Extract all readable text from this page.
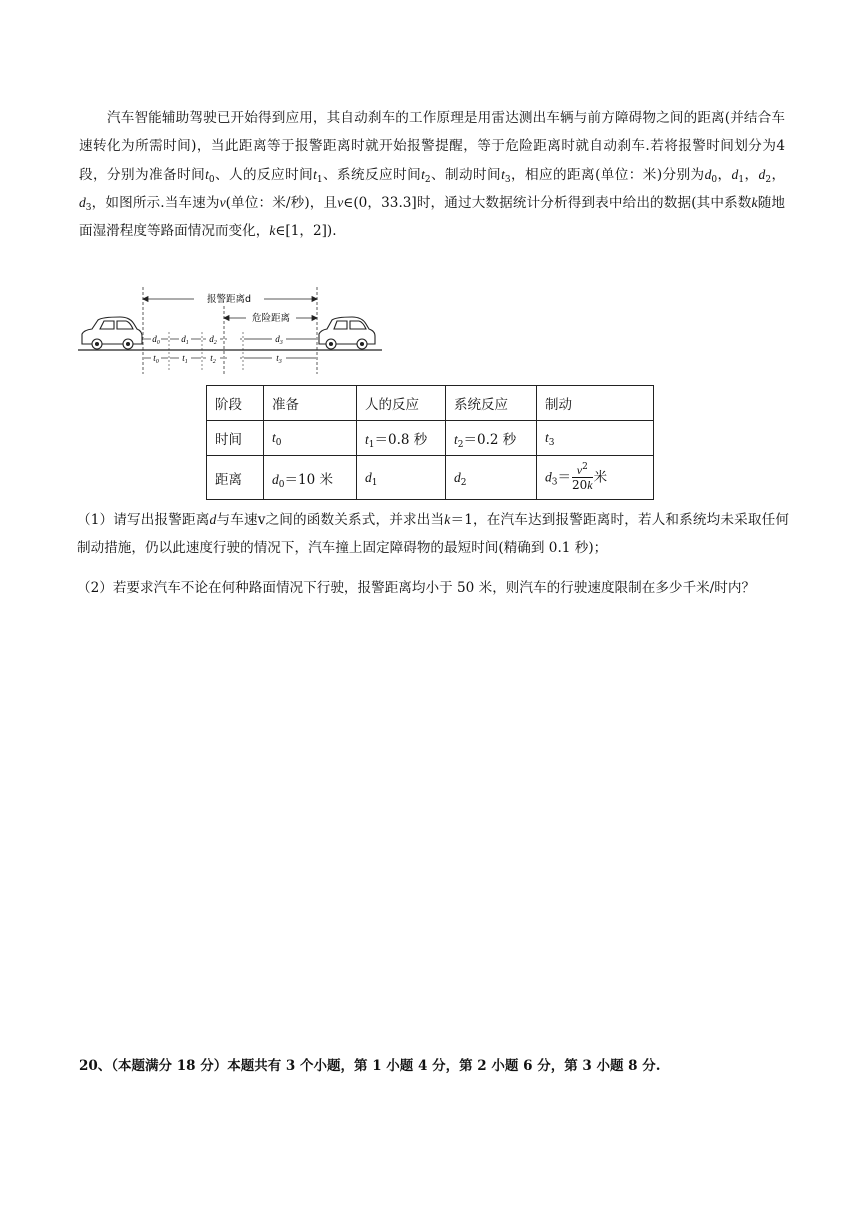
汽车智能辅助驾驶已开始得到应用，其自动刹车的工作原理是用雷达测出车辆与前方障碍物之间的距离(并结合车速转化为所需时间)，当此距离等于报警距离时就开始报警提醒，等于危险距离时就自动刹车.若将报警时间划分为4段，分别为准备时间$t_0$、人的反应时间$t_1$、系统反应时间$t_2$、制动时间$t_3$，相应的距离(单位：米)分别为$d_0$，$d_1$，$d_2$，$d_3$，如图所示.当车速为v(单位：米/秒)，且v∈(0，33.3]时，通过大数据统计分析得到表中给出的数据(其中系数k随地面湿滑程度等路面情况而变化，k∈[1，2]).
报警距离d
危险距离
$d_0$ $d_1$ $d_2$	$d_3$
$t_0$	$t_1$ $t_2$	$t_3$
阶段	准备	人的反应	系统反应	制动
时间	$t_0$	$t_1=0.8$ 秒	$t_2=0.2$ 秒	$t_3$
距离	$d_0=10$ 米	$d_1$	$d_2$	$d_3= \frac{v^2}{20k}$ 米
（1）请写出报警距离d与车速v之间的函数关系式，并求出当k＝1，在汽车达到报警距离时，若人和系统均未采取任何制动措施，仍以此速度行驶的情况下，汽车撞上固定障碍物的最短时间(精确到 0.1 秒)；
（2）若要求汽车不论在何种路面情况下行驶，报警距离均小于 50 米，则汽车的行驶速度限制在多少千米/时内？
20、（本题满分 18 分）本题共有 3 个小题，第 1 小题 4 分，第 2 小题 6 分，第 3 小题 8 分.
